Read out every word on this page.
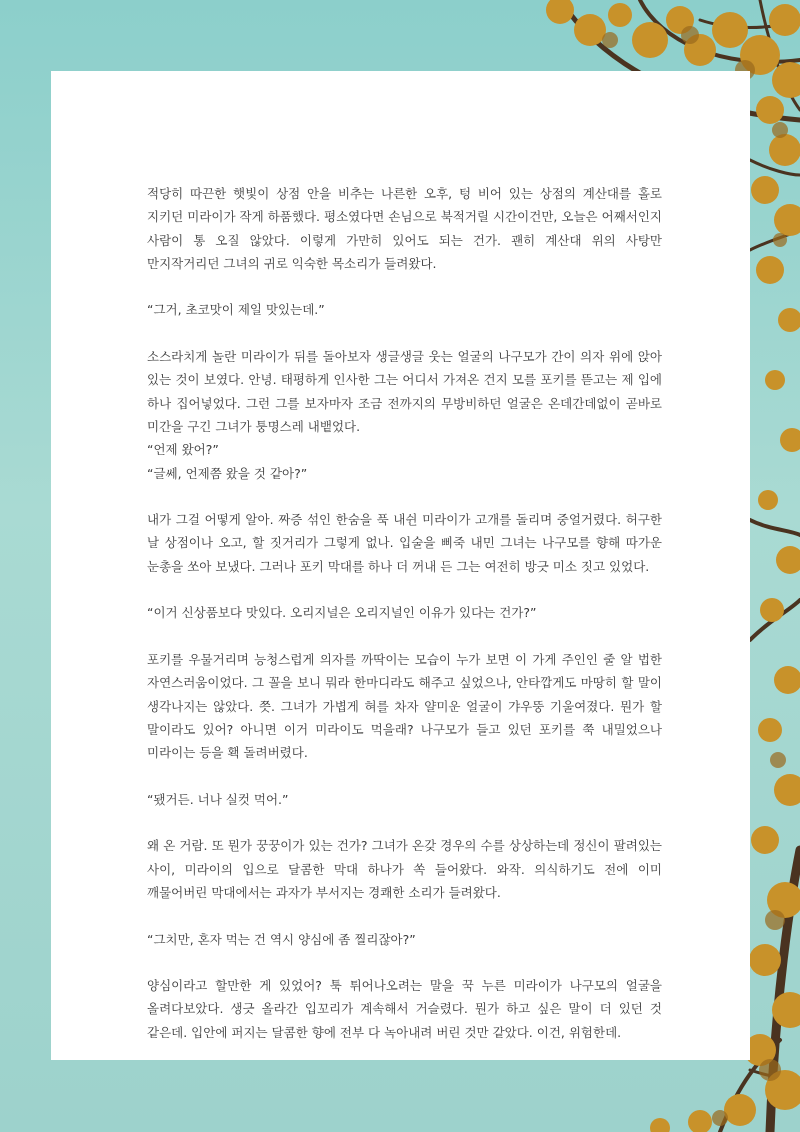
적당히 따끈한 햇빛이 상점 안을 비추는 나른한 오후, 텅 비어 있는 상점의 계산대를 홀로 지키던 미라이가 작게 하품했다. 평소였다면 손님으로 북적거릴 시간이건만, 오늘은 어째서인지 사람이 통 오질 않았다. 이렇게 가만히 있어도 되는 건가. 괜히 계산대 위의 사탕만 만지작거리던 그녀의 귀로 익숙한 목소리가 들려왔다.

“그거, 초코맛이 제일 맛있는데.”

소스라치게 놀란 미라이가 뒤를 돌아보자 생글생글 웃는 얼굴의 나구모가 간이 의자 위에 앉아 있는 것이 보였다. 안녕. 태평하게 인사한 그는 어디서 가져온 건지 모를 포키를 뜯고는 제 입에 하나 집어넣었다. 그런 그를 보자마자 조금 전까지의 무방비하던 얼굴은 온데간데없이 곧바로 미간을 구긴 그녀가 퉁명스레 내뱉었다.

“언제 왔어?”

“글쎄, 언제쯤 왔을 것 같아?”

내가 그걸 어떻게 알아. 짜증 섞인 한숨을 푹 내쉰 미라이가 고개를 돌리며 중얼거렸다. 허구한 날 상점이나 오고, 할 짓거리가 그렇게 없나. 입술을 삐죽 내민 그녀는 나구모를 향해 따가운 눈총을 쏘아 보냈다. 그러나 포키 막대를 하나 더 꺼내 든 그는 여전히 방긋 미소 짓고 있었다.

“이거 신상품보다 맛있다. 오리지널은 오리지널인 이유가 있다는 건가?”

포키를 우물거리며 능청스럽게 의자를 까딱이는 모습이 누가 보면 이 가게 주인인 줄 알 법한 자연스러움이었다. 그 꼴을 보니 뭐라 한마디라도 해주고 싶었으나, 안타깝게도 마땅히 할 말이 생각나지는 않았다. 쯧. 그녀가 가볍게 혀를 차자 얄미운 얼굴이 갸우뚱 기울여졌다. 뭔가 할 말이라도 있어? 아니면 이거 미라이도 먹을래? 나구모가 들고 있던 포키를 쭉 내밀었으나 미라이는 등을 홱 돌려버렸다.

“됐거든. 너나 실컷 먹어.”

왜 온 거람. 또 뭔가 꿍꿍이가 있는 건가? 그녀가 온갖 경우의 수를 상상하는데 정신이 팔려있는 사이, 미라이의 입으로 달콤한 막대 하나가 쏙 들어왔다. 와작. 의식하기도 전에 이미 깨물어버린 막대에서는 과자가 부서지는 경쾌한 소리가 들려왔다.

“그치만, 혼자 먹는 건 역시 양심에 좀 찔리잖아?”

양심이라고 할만한 게 있었어? 툭 튀어나오려는 말을 꾹 누른 미라이가 나구모의 얼굴을 올려다보았다. 생긋 올라간 입꼬리가 계속해서 거슬렸다. 뭔가 하고 싶은 말이 더 있던 것 같은데. 입안에 퍼지는 달콤한 향에 전부 다 녹아내려 버린 것만 같았다. 이건, 위험한데.
